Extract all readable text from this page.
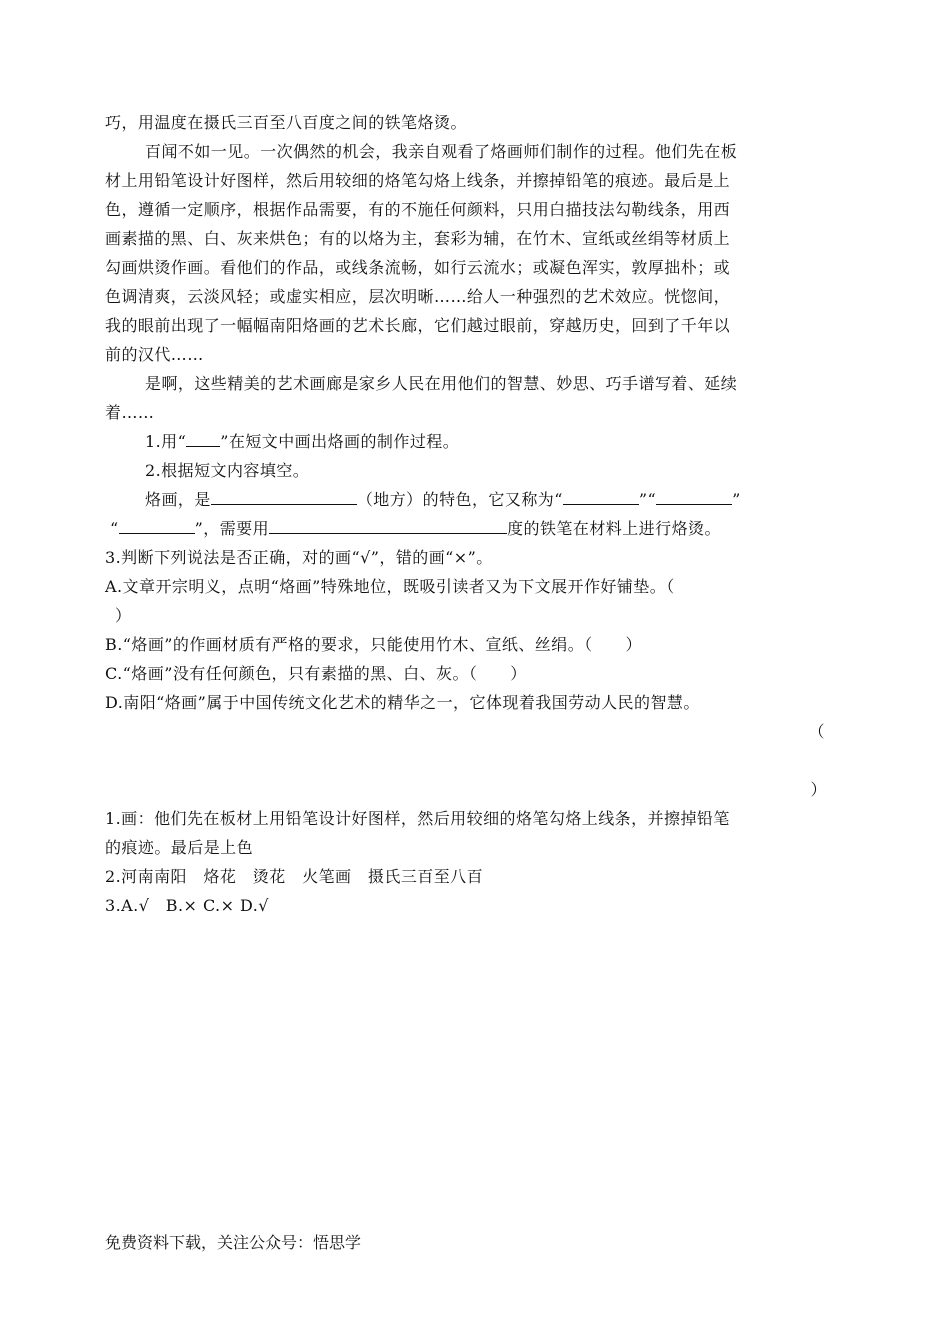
巧，用温度在摄氏三百至八百度之间的铁笔烙烫。
百闻不如一见。一次偶然的机会，我亲自观看了烙画师们制作的过程。他们先在板
材上用铅笔设计好图样，然后用较细的烙笔勾烙上线条，并擦掉铅笔的痕迹。最后是上
色，遵循一定顺序，根据作品需要，有的不施任何颜料，只用白描技法勾勒线条，用西
画素描的黑、白、灰来烘色；有的以烙为主，套彩为辅，在竹木、宣纸或丝绢等材质上
勾画烘烫作画。看他们的作品，或线条流畅，如行云流水；或凝色浑实，敦厚拙朴；或
色调清爽，云淡风轻；或虚实相应，层次明晰……给人一种强烈的艺术效应。恍惚间，
我的眼前出现了一幅幅南阳烙画的艺术长廊，它们越过眼前，穿越历史，回到了千年以
前的汉代……
是啊，这些精美的艺术画廊是家乡人民在用他们的智慧、妙思、巧手谱写着、延续
着……
1.用“ ”在短文中画出烙画的制作过程。
2.根据短文内容填空。
烙画，是	（地方）的特色，它又称为“	”“	”
“	”，需要用	度的铁笔在材料上进行烙烫。
3.判断下列说法是否正确，对的画“√”，错的画“×”。
A.文章开宗明义，点明“烙画”特殊地位，既吸引读者又为下文展开作好铺垫。（
）
B.“烙画”的作画材质有严格的要求，只能使用竹木、宣纸、丝绢。（　　）
C.“烙画”没有任何颜色，只有素描的黑、白、灰。（　　）
D.南阳“烙画”属于中国传统文化艺术的精华之一，它体现着我国劳动人民的智慧。
（
）
1.画：他们先在板材上用铅笔设计好图样，然后用较细的烙笔勾烙上线条，并擦掉铅笔
的痕迹。最后是上色
2.河南南阳　烙花　烫花　火笔画　摄氏三百至八百
3.A.√　B.× C.× D.√
免费资料下载，关注公众号：悟思学
